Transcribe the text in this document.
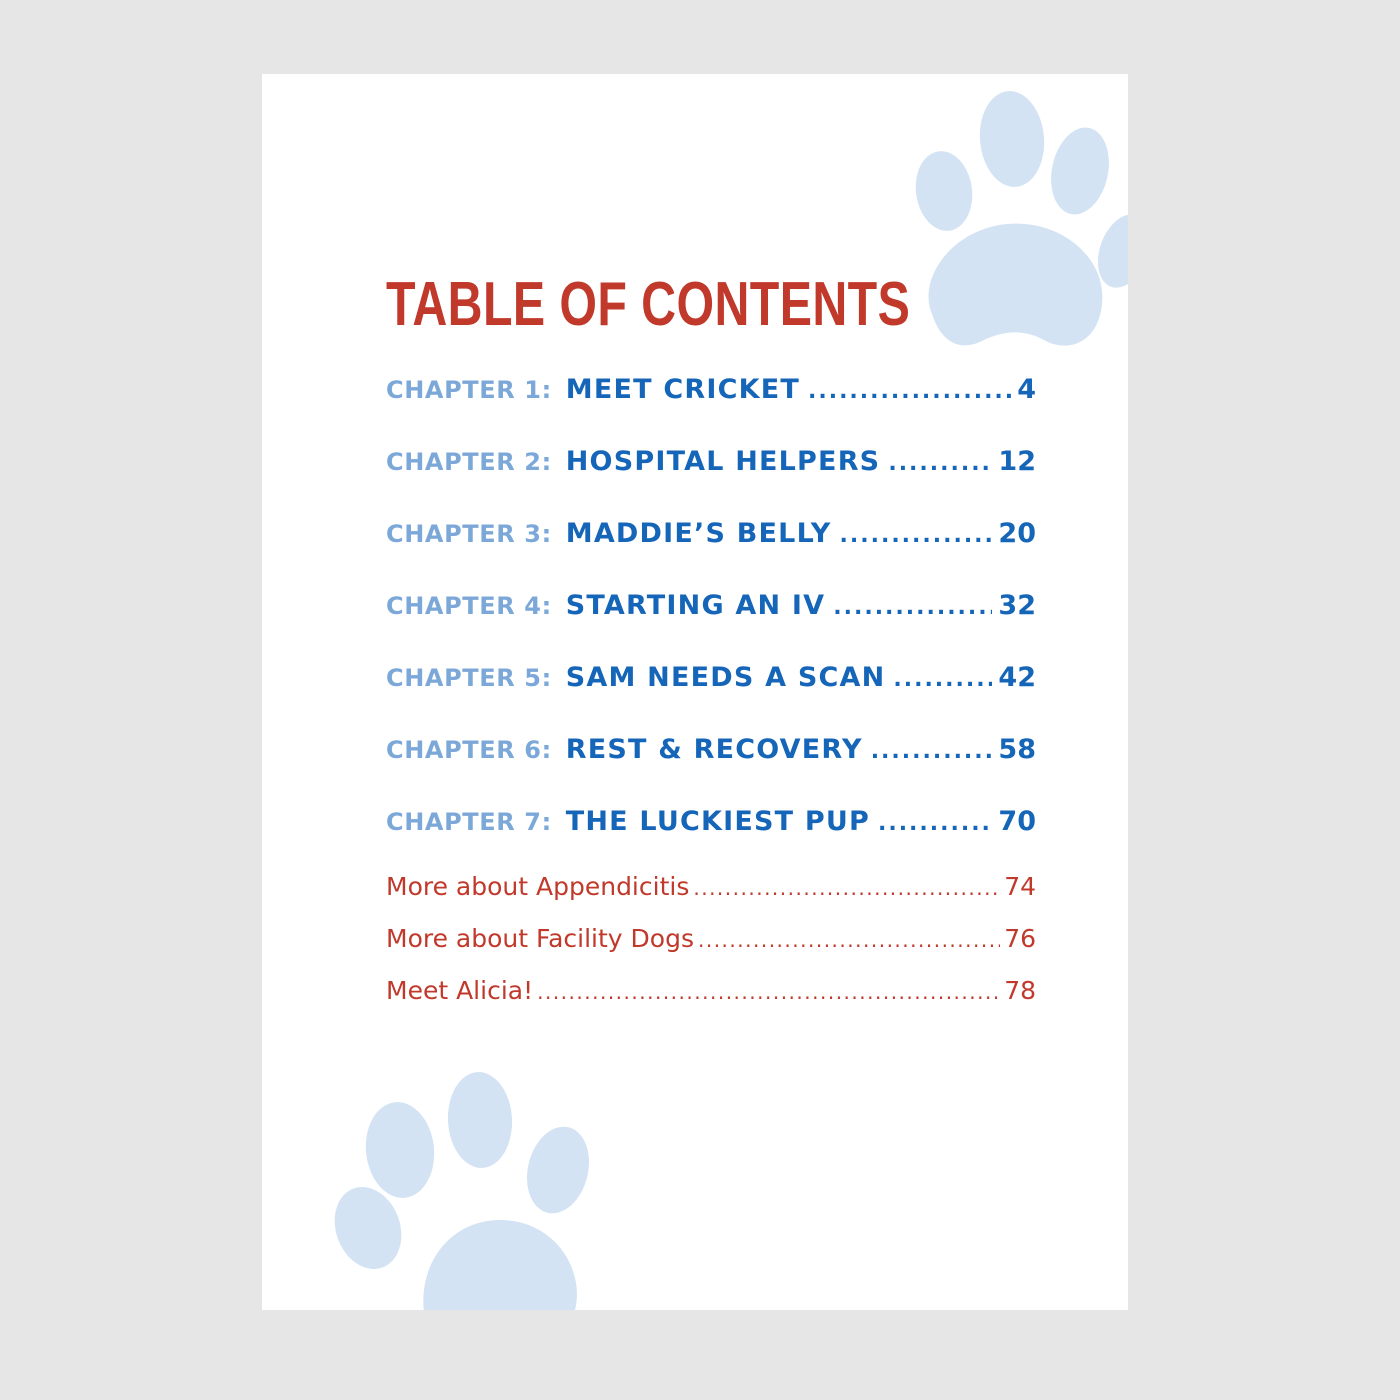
TABLE OF CONTENTS
CHAPTER 1: MEET CRICKET .....	4
CHAPTER 2: HOSPITAL HELPERS .....	12
CHAPTER 3: MADDIE’S BELLY .....	20
CHAPTER 4: STARTING AN IV .....	32
CHAPTER 5: SAM NEEDS A SCAN .....	42
CHAPTER 6: REST & RECOVERY .....	58
CHAPTER 7: THE LUCKIEST PUP .....	70
More about Appendicitis .....	74
More about Facility Dogs .....	76
Meet Alicia! .....	78
